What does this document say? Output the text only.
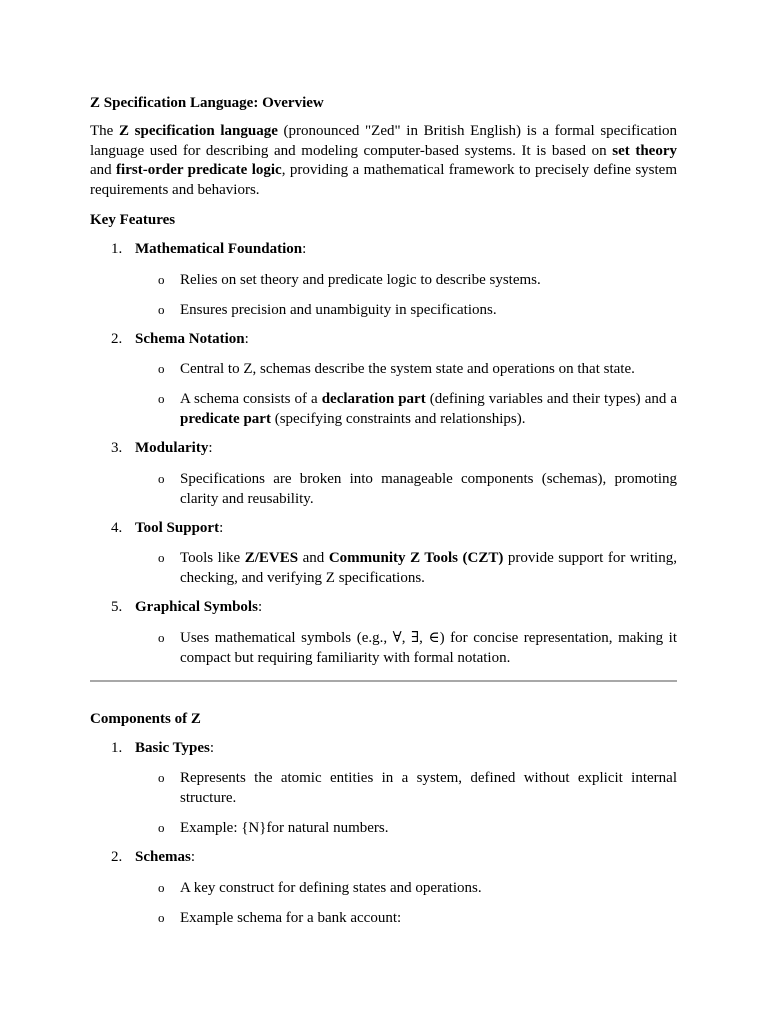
Z Specification Language: Overview

The Z specification language (pronounced "Zed" in British English) is a formal specification language used for describing and modeling computer-based systems. It is based on set theory and first-order predicate logic, providing a mathematical framework to precisely define system requirements and behaviors.

Key Features

1. Mathematical Foundation:
o Relies on set theory and predicate logic to describe systems.
o Ensures precision and unambiguity in specifications.
2. Schema Notation:
o Central to Z, schemas describe the system state and operations on that state.
o A schema consists of a declaration part (defining variables and their types) and a predicate part (specifying constraints and relationships).
3. Modularity:
o Specifications are broken into manageable components (schemas), promoting clarity and reusability.
4. Tool Support:
o Tools like Z/EVES and Community Z Tools (CZT) provide support for writing, checking, and verifying Z specifications.
5. Graphical Symbols:
o Uses mathematical symbols (e.g., ∀, ∃, ∈) for concise representation, making it compact but requiring familiarity with formal notation.

Components of Z

1. Basic Types:
o Represents the atomic entities in a system, defined without explicit internal structure.
o Example: {N}for natural numbers.
2. Schemas:
o A key construct for defining states and operations.
o Example schema for a bank account:
